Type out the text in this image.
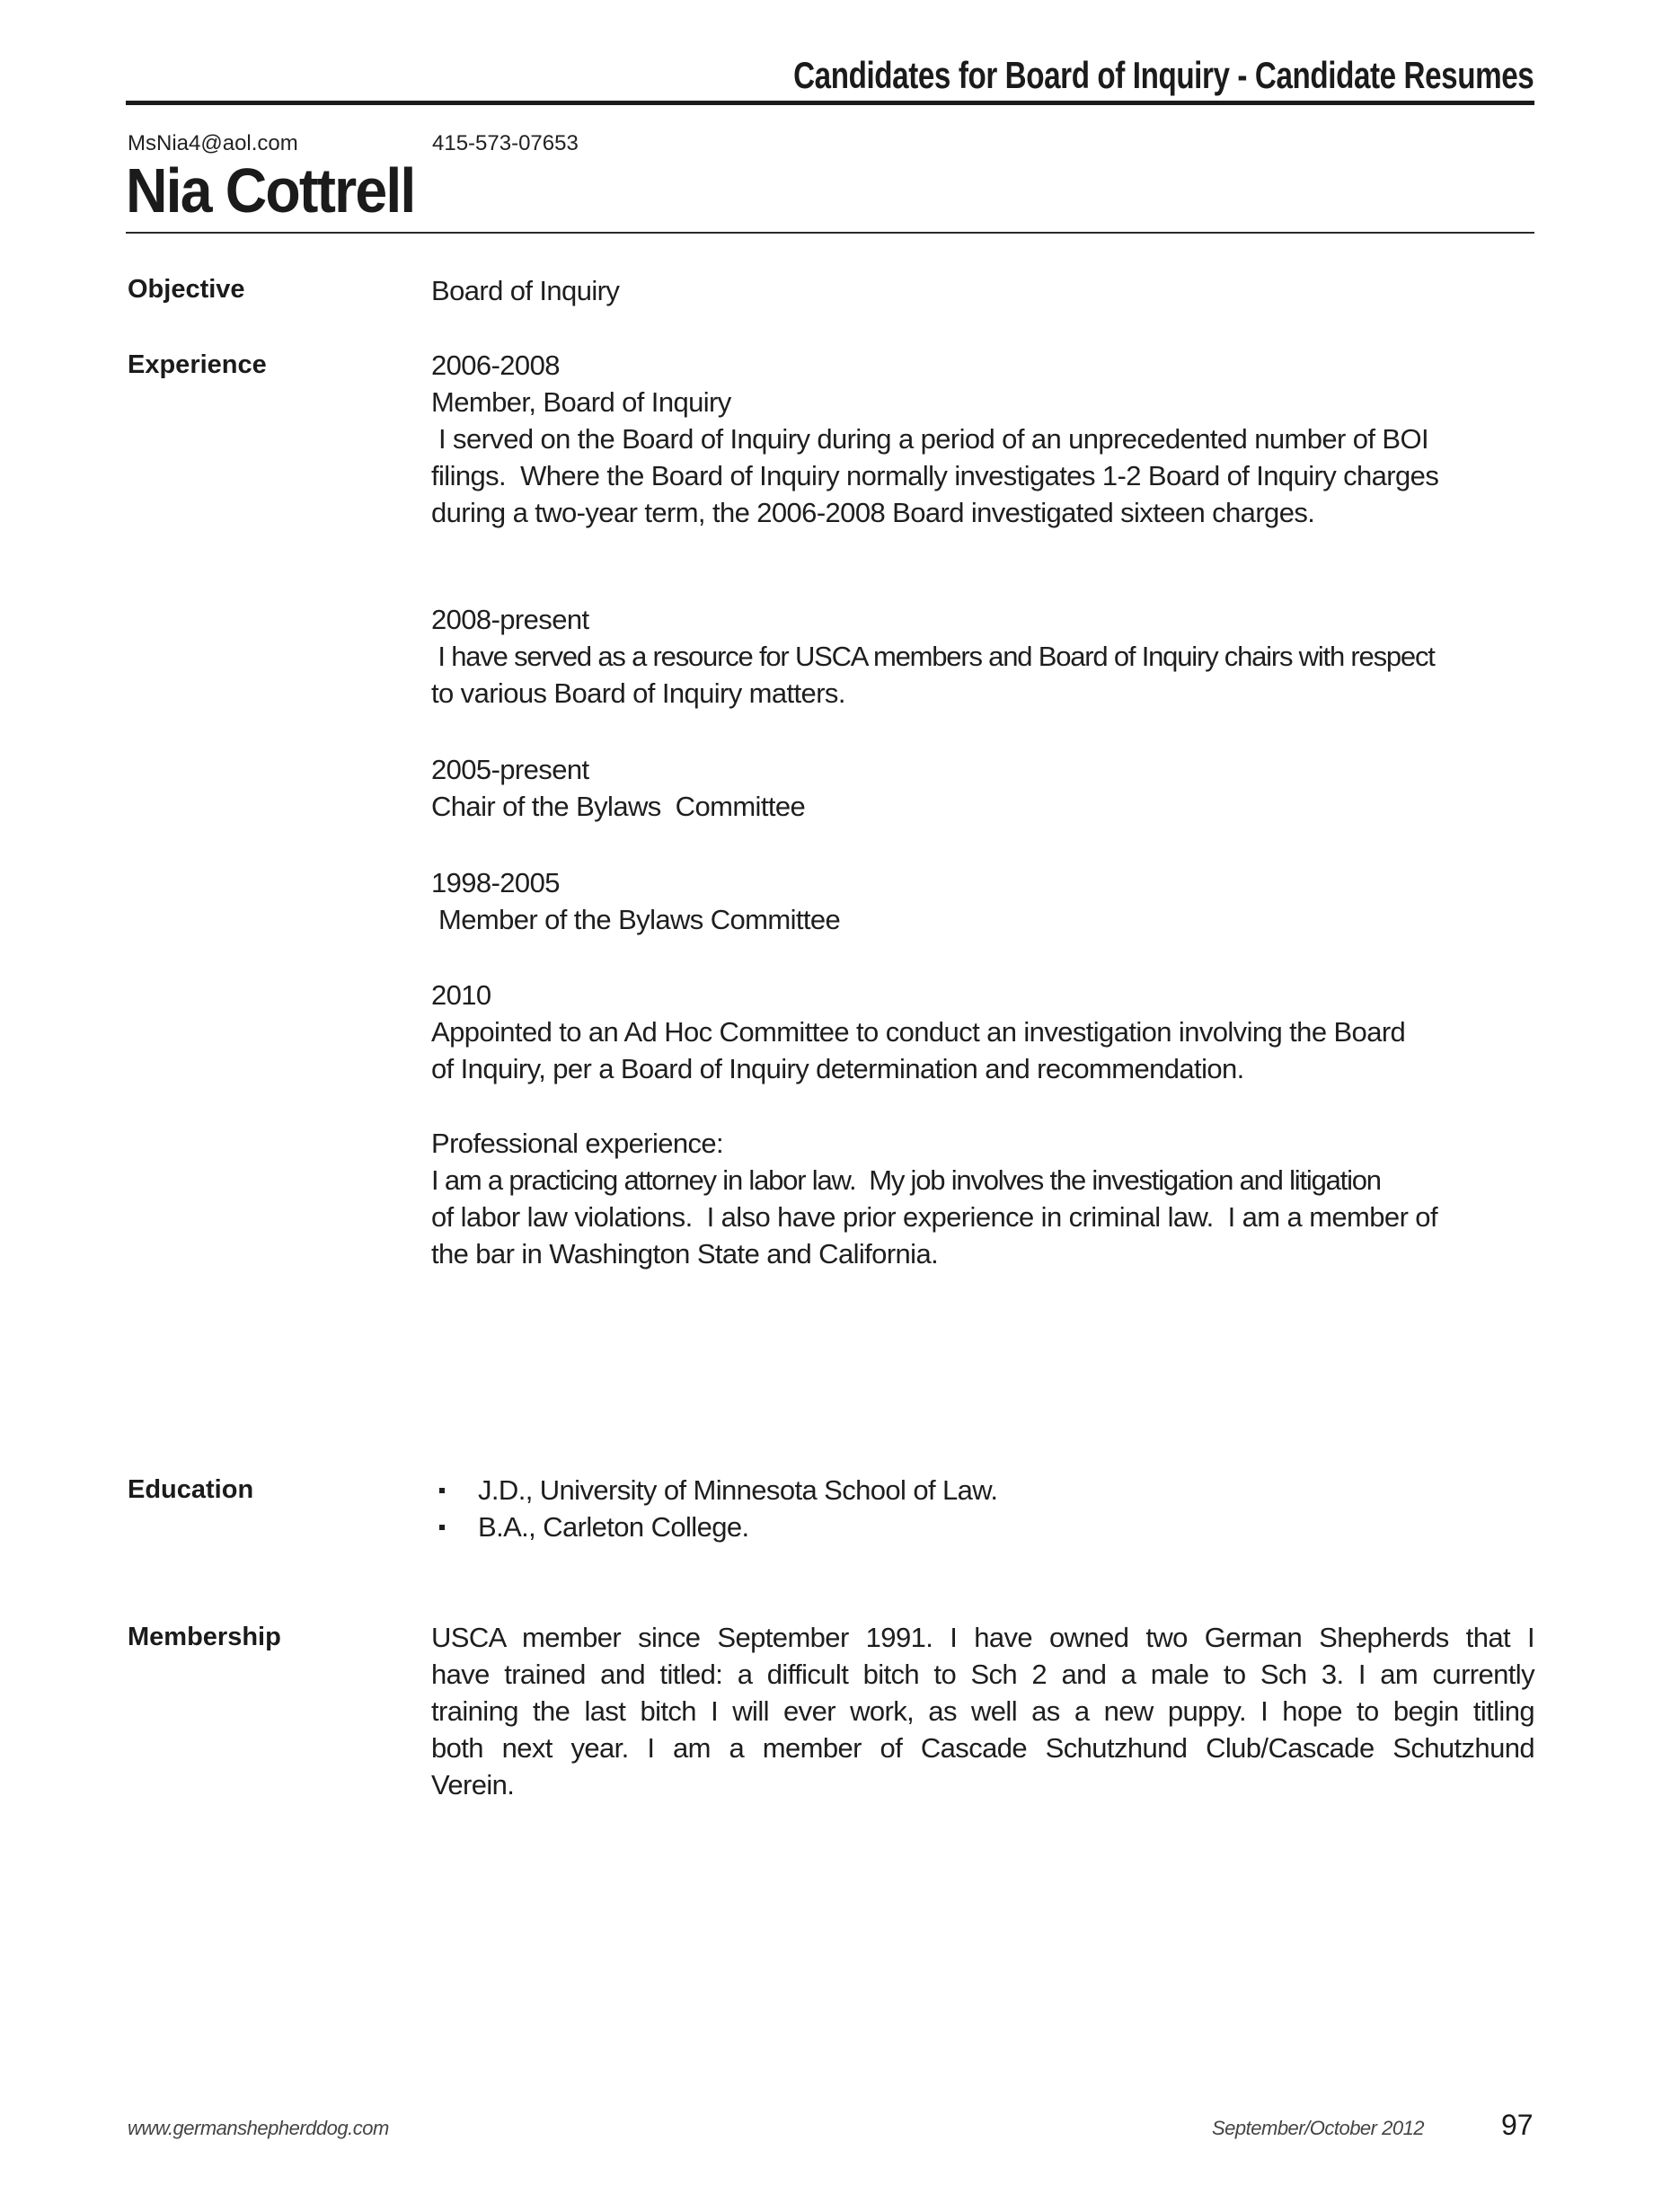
Candidates for Board of Inquiry - Candidate Resumes
MsNia4@aol.com	415-573-07653
Nia Cottrell
Objective	Board of Inquiry
Experience	2006-2008
Member, Board of Inquiry
I served on the Board of Inquiry during a period of an unprecedented number of BOI
filings.  Where the Board of Inquiry normally investigates 1-2 Board of Inquiry charges
during a two-year term, the 2006-2008 Board investigated sixteen charges.
2008-present
I have served as a resource for USCA members and Board of Inquiry chairs with respect
to various Board of Inquiry matters.
2005-present
Chair of the Bylaws  Committee
1998-2005
Member of the Bylaws Committee
2010
Appointed to an Ad Hoc Committee to conduct an investigation involving the Board
of Inquiry, per a Board of Inquiry determination and recommendation.
Professional experience:
I am a practicing attorney in labor law.  My job involves the investigation and litigation
of labor law violations.  I also have prior experience in criminal law.  I am a member of
the bar in Washington State and California.
Education	J.D., University of Minnesota School of Law.
B.A., Carleton College.
Membership	USCA member since September 1991. I have owned two German Shepherds that I
have trained and titled: a difficult bitch to Sch 2 and a male to Sch 3. I am currently
training the last bitch I will ever work, as well as a new puppy. I hope to begin titling
both next year. I am a member of Cascade Schutzhund Club/Cascade Schutzhund
Verein.
www.germanshepherddog.com	September/October 2012	97
